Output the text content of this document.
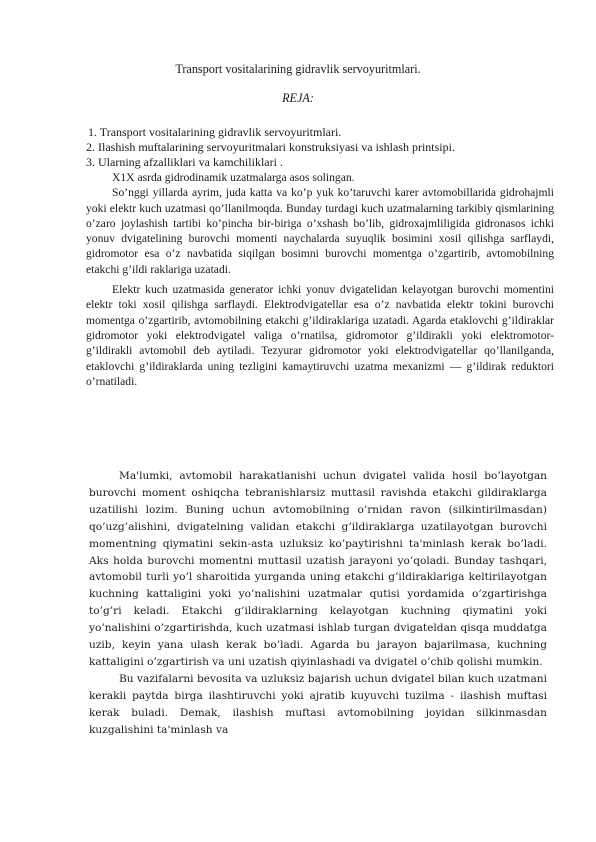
Transport vositalarining gidravlik servoyuritmlari.
REJA:
1. Transport vositalarining gidravlik servoyuritmlari.
2. Ilashish muftalarining servoyuritmalari konstruksiyasi va ishlash printsipi.
3. Ularning afzalliklari va kamchiliklari .

X1X asrda gidrodinamik uzatmalarga asos solingan.

So’nggi yillarda ayrim, juda katta va ko’p yuk ko’taruvchi karer avtomobillarida gidrohajmli yoki elektr kuch uzatmasi qo’llanilmoqda. Bunday turdagi kuch uzatmalarning tarkibiy qismlarining o’zaro joylashish tartibi ko’pincha bir-biriga o’xshash bo’lib, gidroxajmliligida gidronasos ichki yonuv dvigatelining burovchi momenti naychalarda suyuqlik bosimini xosil qilishga sarflaydi, gidromotor esa o’z navbatida siqilgan bosimni burovchi momentga o’zgartirib, avtomobilning etakchi g’ildi raklariga uzatadi.

Elektr kuch uzatmasida generator ichki yonuv dvigatelidan kelayotgan burovchi momentini elektr toki xosil qilishga sarflaydi. Elektrodvigatellar esa o’z navbatida elektr tokini burovchi momentga o’zgartirib, avtomobilning etakchi g’ildiraklariga uzatadi. Agarda etaklovchi g’ildiraklar gidromotor yoki elektrodvigatel valiga o’rnatilsa, gidromotor g’ildirakli yoki elektromotor-g’ildirakli avtomobil deb aytiladi. Tezyurar gidromotor yoki elektrodvigatellar qo’llanilganda, etaklovchi g’ildiraklarda uning tezligini kamaytiruvchi uzatma mexanizmi — g’ildirak reduktori o’rnatiladi.

Ma'lumki, avtomobil harakatlanishi uchun dvigatel valida hosil bo’layotgan burovchi moment oshiqcha tebranishlarsiz muttasil ravishda etakchi gildiraklarga uzatilishi lozim. Buning uchun avtomobilning o’rnidan ravon (silkintirilmasdan) qo’uzg’alishini, dvigatelning validan etakchi g’ildiraklarga uzatilayotgan burovchi momentning qiymatini sekin-asta uzluksiz ko’paytirishni ta'minlash kerak bo’ladi. Aks holda burovchi momentni muttasil uzatish jarayoni yo’qoladi. Bunday tashqari, avtomobil turli yo’l sharoitida yurganda uning etakchi g’ildiraklariga keltirilayotgan kuchning kattaligini yoki yo’nalishini uzatmalar qutisi yordamida o’zgartirishga to’g’ri keladi. Etakchi g’ildiraklarning kelayotgan kuchning qiymatini yoki yo’nalishini o’zgartirishda, kuch uzatmasi ishlab turgan dvigateldan qisqa muddatga uzib, keyin yana ulash kerak bo’ladi. Agarda bu jarayon bajarilmasa, kuchning kattaligini o’zgartirish va uni uzatish qiyinlashadi va dvigatel o’chib qolishi mumkin.

Bu vazifalarni bevosita va uzluksiz bajarish uchun dvigatel bilan kuch uzatmani kerakli paytda birga ilashtiruvchi yoki ajratib kuyuvchi tuzilma - ilashish muftasi kerak buladi. Demak, ilashish muftasi avtomobilning joyidan silkinmasdan kuzgalishini ta'minlash va
